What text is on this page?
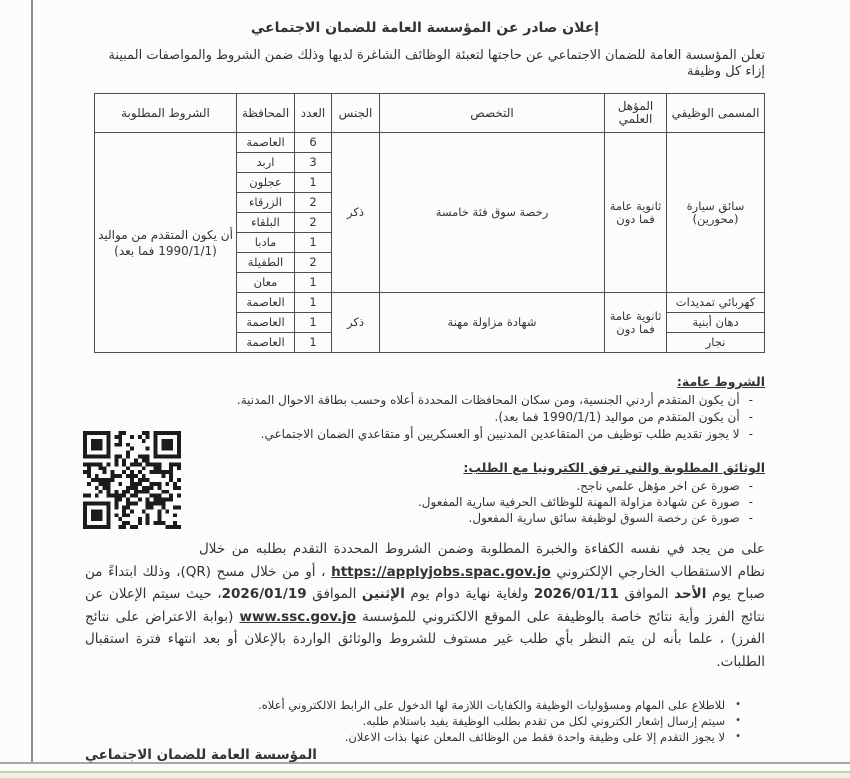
إعلان صادر عن المؤسسة العامة للضمان الاجتماعي

تعلن المؤسسة العامة للضمان الاجتماعي عن حاجتها لتعبئة الوظائف الشاغرة لديها وذلك ضمن الشروط والمواصفات المبينة إزاء كل وظيفة

المسمى الوظيفي	المؤهل العلمي	التخصص	الجنس	العدد	المحافظة	الشروط المطلوبة
سائق سيارة (محورين)	ثانوية عامة فما دون	رخصة سوق فئة خامسة	ذكر	6	العاصمة	أن يكون المتقدم من مواليد (1990/1/1 فما بعد)
				3	اربد	
				1	عجلون	
				2	الزرقاء	
				2	البلقاء	
				1	مادبا	
				2	الطفيلة	
				1	معان	
كهربائي تمديدات	ثانوية عامة فما دون	شهادة مزاولة مهنة	ذكر	1	العاصمة	
دهان أبنية				1	العاصمة	
نجار				1	العاصمة	
الشروط عامة:
-
أن يكون المتقدم أردني الجنسية، ومن سكان المحافظات المحددة أعلاه وحسب بطاقة الاحوال المدنية.
-
أن يكون المتقدم من مواليد (1990/1/1 فما بعد).
-
لا يجوز تقديم طلب توظيف من المتقاعدين المدنيين أو العسكريين أو متقاعدي الضمان الاجتماعي.
الوثائق المطلوبة والتي ترفق الكترونيا مع الطلب:
-
صورة عن اخر مؤهل علمي ناجح.
-
صورة عن شهادة مزاولة المهنة للوظائف الحرفية سارية المفعول.
-
صورة عن رخصة السوق لوظيفة سائق سارية المفعول.

على من يجد في نفسه الكفاءة والخبرة المطلوبة وضمن الشروط المحددة التقدم بطلبه من خلال نظام الاستقطاب الخارجي الإلكتروني https://applyjobs.spac.gov.jo ، أو من خلال مسح (QR)، وذلك ابتداءً من صباح يوم الأحد الموافق 2026/01/11 ولغاية نهاية دوام يوم الإثنين الموافق 2026/01/19، حيث سيتم الإعلان عن نتائج الفرز وأية نتائج خاصة بالوظيفة على الموقع الالكتروني للمؤسسة www.ssc.gov.jo (بوابة الاعتراض على نتائج الفرز) ، علما بأنه لن يتم النظر بأي طلب غير مستوف للشروط والوثائق الواردة بالإعلان أو بعد انتهاء فترة استقبال الطلبات.

•
للاطلاع على المهام ومسؤوليات الوظيفة والكفايات اللازمة لها الدخول على الرابط الالكتروني أعلاه.
•
سيتم إرسال إشعار الكتروني لكل من تقدم بطلب الوظيفة يفيد باستلام طلبه.
•
لا يجوز التقدم إلا على وظيفة واحدة فقط من الوظائف المعلن عنها بذات الاعلان.
المؤسسة العامة للضمان الاجتماعي
